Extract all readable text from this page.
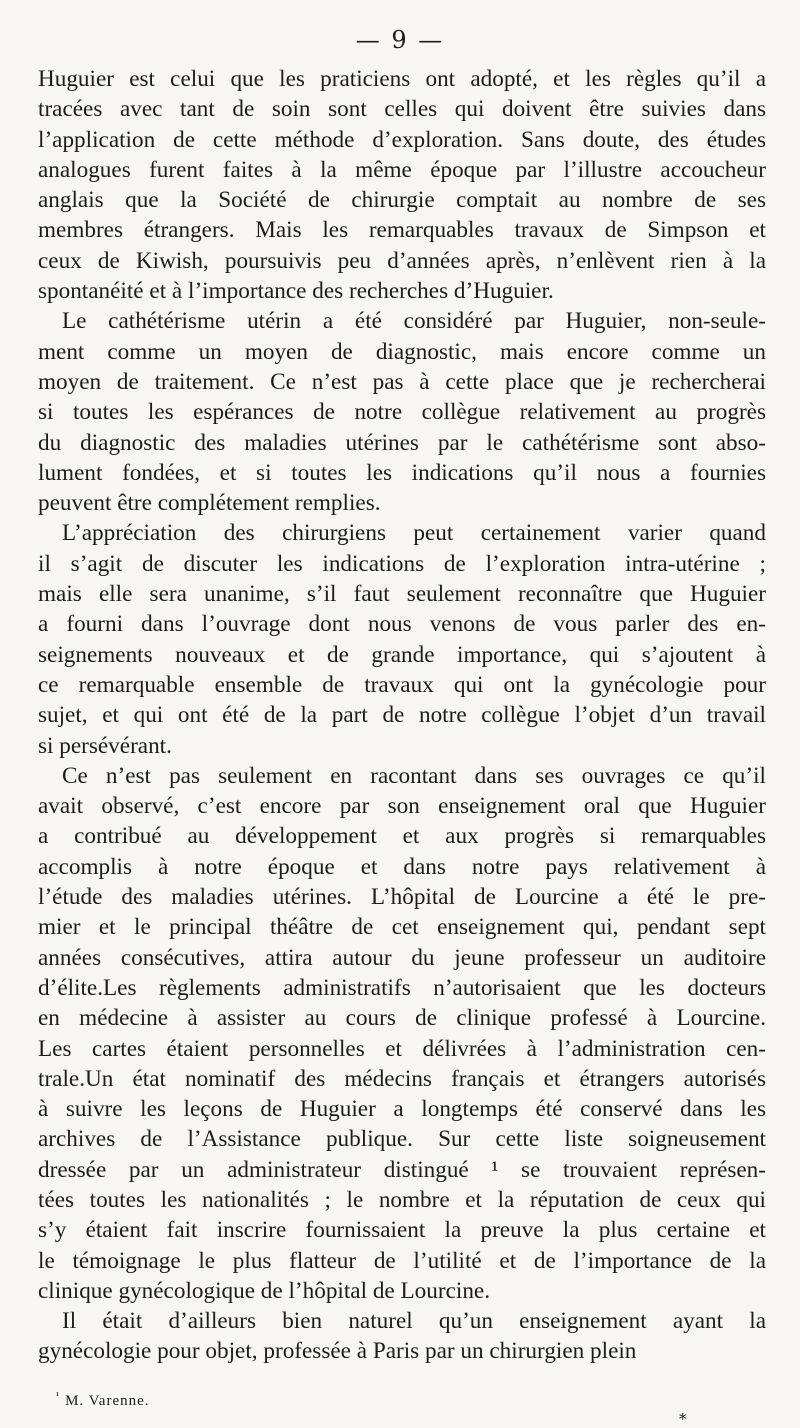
— 9 —
Huguier est celui que les praticiens ont adopté, et les règles qu’il a
tracées avec tant de soin sont celles qui doivent être suivies dans
l’application de cette méthode d’exploration. Sans doute, des études
analogues furent faites à la même époque par l’illustre accoucheur
anglais que la Société de chirurgie comptait au nombre de ses
membres étrangers. Mais les remarquables travaux de Simpson et
ceux de Kiwish, poursuivis peu d’années après, n’enlèvent rien à la
spontanéité et à l’importance des recherches d’Huguier.
Le cathétérisme utérin a été considéré par Huguier, non-seule-
ment comme un moyen de diagnostic, mais encore comme un
moyen de traitement. Ce n’est pas à cette place que je rechercherai
si toutes les espérances de notre collègue relativement au progrès
du diagnostic des maladies utérines par le cathétérisme sont abso-
lument fondées, et si toutes les indications qu’il nous a fournies
peuvent être complétement remplies.
L’appréciation des chirurgiens peut certainement varier quand
il s’agit de discuter les indications de l’exploration intra-utérine ;
mais elle sera unanime, s’il faut seulement reconnaître que Huguier
a fourni dans l’ouvrage dont nous venons de vous parler des en-
seignements nouveaux et de grande importance, qui s’ajoutent à
ce remarquable ensemble de travaux qui ont la gynécologie pour
sujet, et qui ont été de la part de notre collègue l’objet d’un travail
si persévérant.
Ce n’est pas seulement en racontant dans ses ouvrages ce qu’il
avait observé, c’est encore par son enseignement oral que Huguier
a contribué au développement et aux progrès si remarquables
accomplis à notre époque et dans notre pays relativement à
l’étude des maladies utérines. L’hôpital de Lourcine a été le pre-
mier et le principal théâtre de cet enseignement qui, pendant sept
années consécutives, attira autour du jeune professeur un auditoire
d’élite.Les règlements administratifs n’autorisaient que les docteurs
en médecine à assister au cours de clinique professé à Lourcine.
Les cartes étaient personnelles et délivrées à l’administration cen-
trale.Un état nominatif des médecins français et étrangers autorisés
à suivre les leçons de Huguier a longtemps été conservé dans les
archives de l’Assistance publique. Sur cette liste soigneusement
dressée par un administrateur distingué ¹ se trouvaient représen-
tées toutes les nationalités ; le nombre et la réputation de ceux qui
s’y étaient fait inscrire fournissaient la preuve la plus certaine et
le témoignage le plus flatteur de l’utilité et de l’importance de la
clinique gynécologique de l’hôpital de Lourcine.
Il était d’ailleurs bien naturel qu’un enseignement ayant la
gynécologie pour objet, professée à Paris par un chirurgien plein
$^{^1}$ M. Varenne.
*
